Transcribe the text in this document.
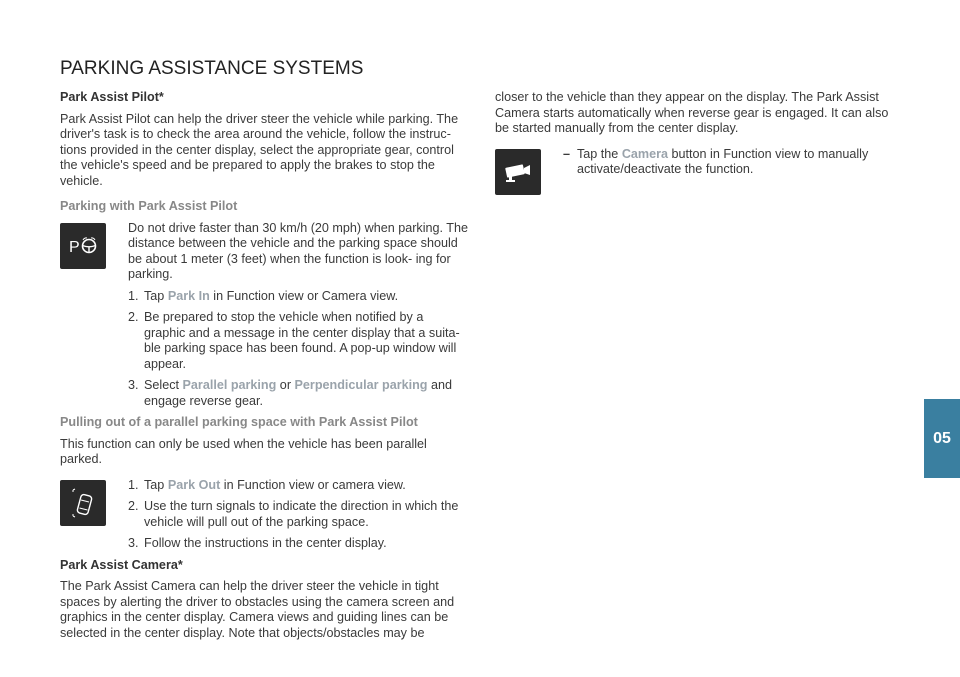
PARKING ASSISTANCE SYSTEMS
Park Assist Pilot*

Park Assist Pilot can help the driver steer the vehicle while parking. The driver's task is to check the area around the vehicle, follow the instruc- tions provided in the center display, select the appropriate gear, control the vehicle's speed and be prepared to apply the brakes to stop the vehicle.

Parking with Park Assist Pilot
P

Do not drive faster than 30 km/h (20 mph) when parking. The distance between the vehicle and the parking space should be about 1 meter (3 feet) when the function is look- ing for parking.

1. Tap Park In in Function view or Camera view.
2. Be prepared to stop the vehicle when notified by a graphic and a message in the center display that a suita- ble parking space has been found. A pop-up window will appear.
3. Select Parallel parking or Perpendicular parking and engage reverse gear.
Pulling out of a parallel parking space with Park Assist Pilot

This function can only be used when the vehicle has been parallel parked.

1. Tap Park Out in Function view or camera view.
2. Use the turn signals to indicate the direction in which the vehicle will pull out of the parking space.
3. Follow the instructions in the center display.
Park Assist Camera*

The Park Assist Camera can help the driver steer the vehicle in tight spaces by alerting the driver to obstacles using the camera screen and graphics in the center display. Camera views and guiding lines can be selected in the center display. Note that objects/obstacles may be

closer to the vehicle than they appear on the display. The Park Assist Camera starts automatically when reverse gear is engaged. It can also be started manually from the center display.

– Tap the Camera button in Function view to manually activate/deactivate the function.
05
